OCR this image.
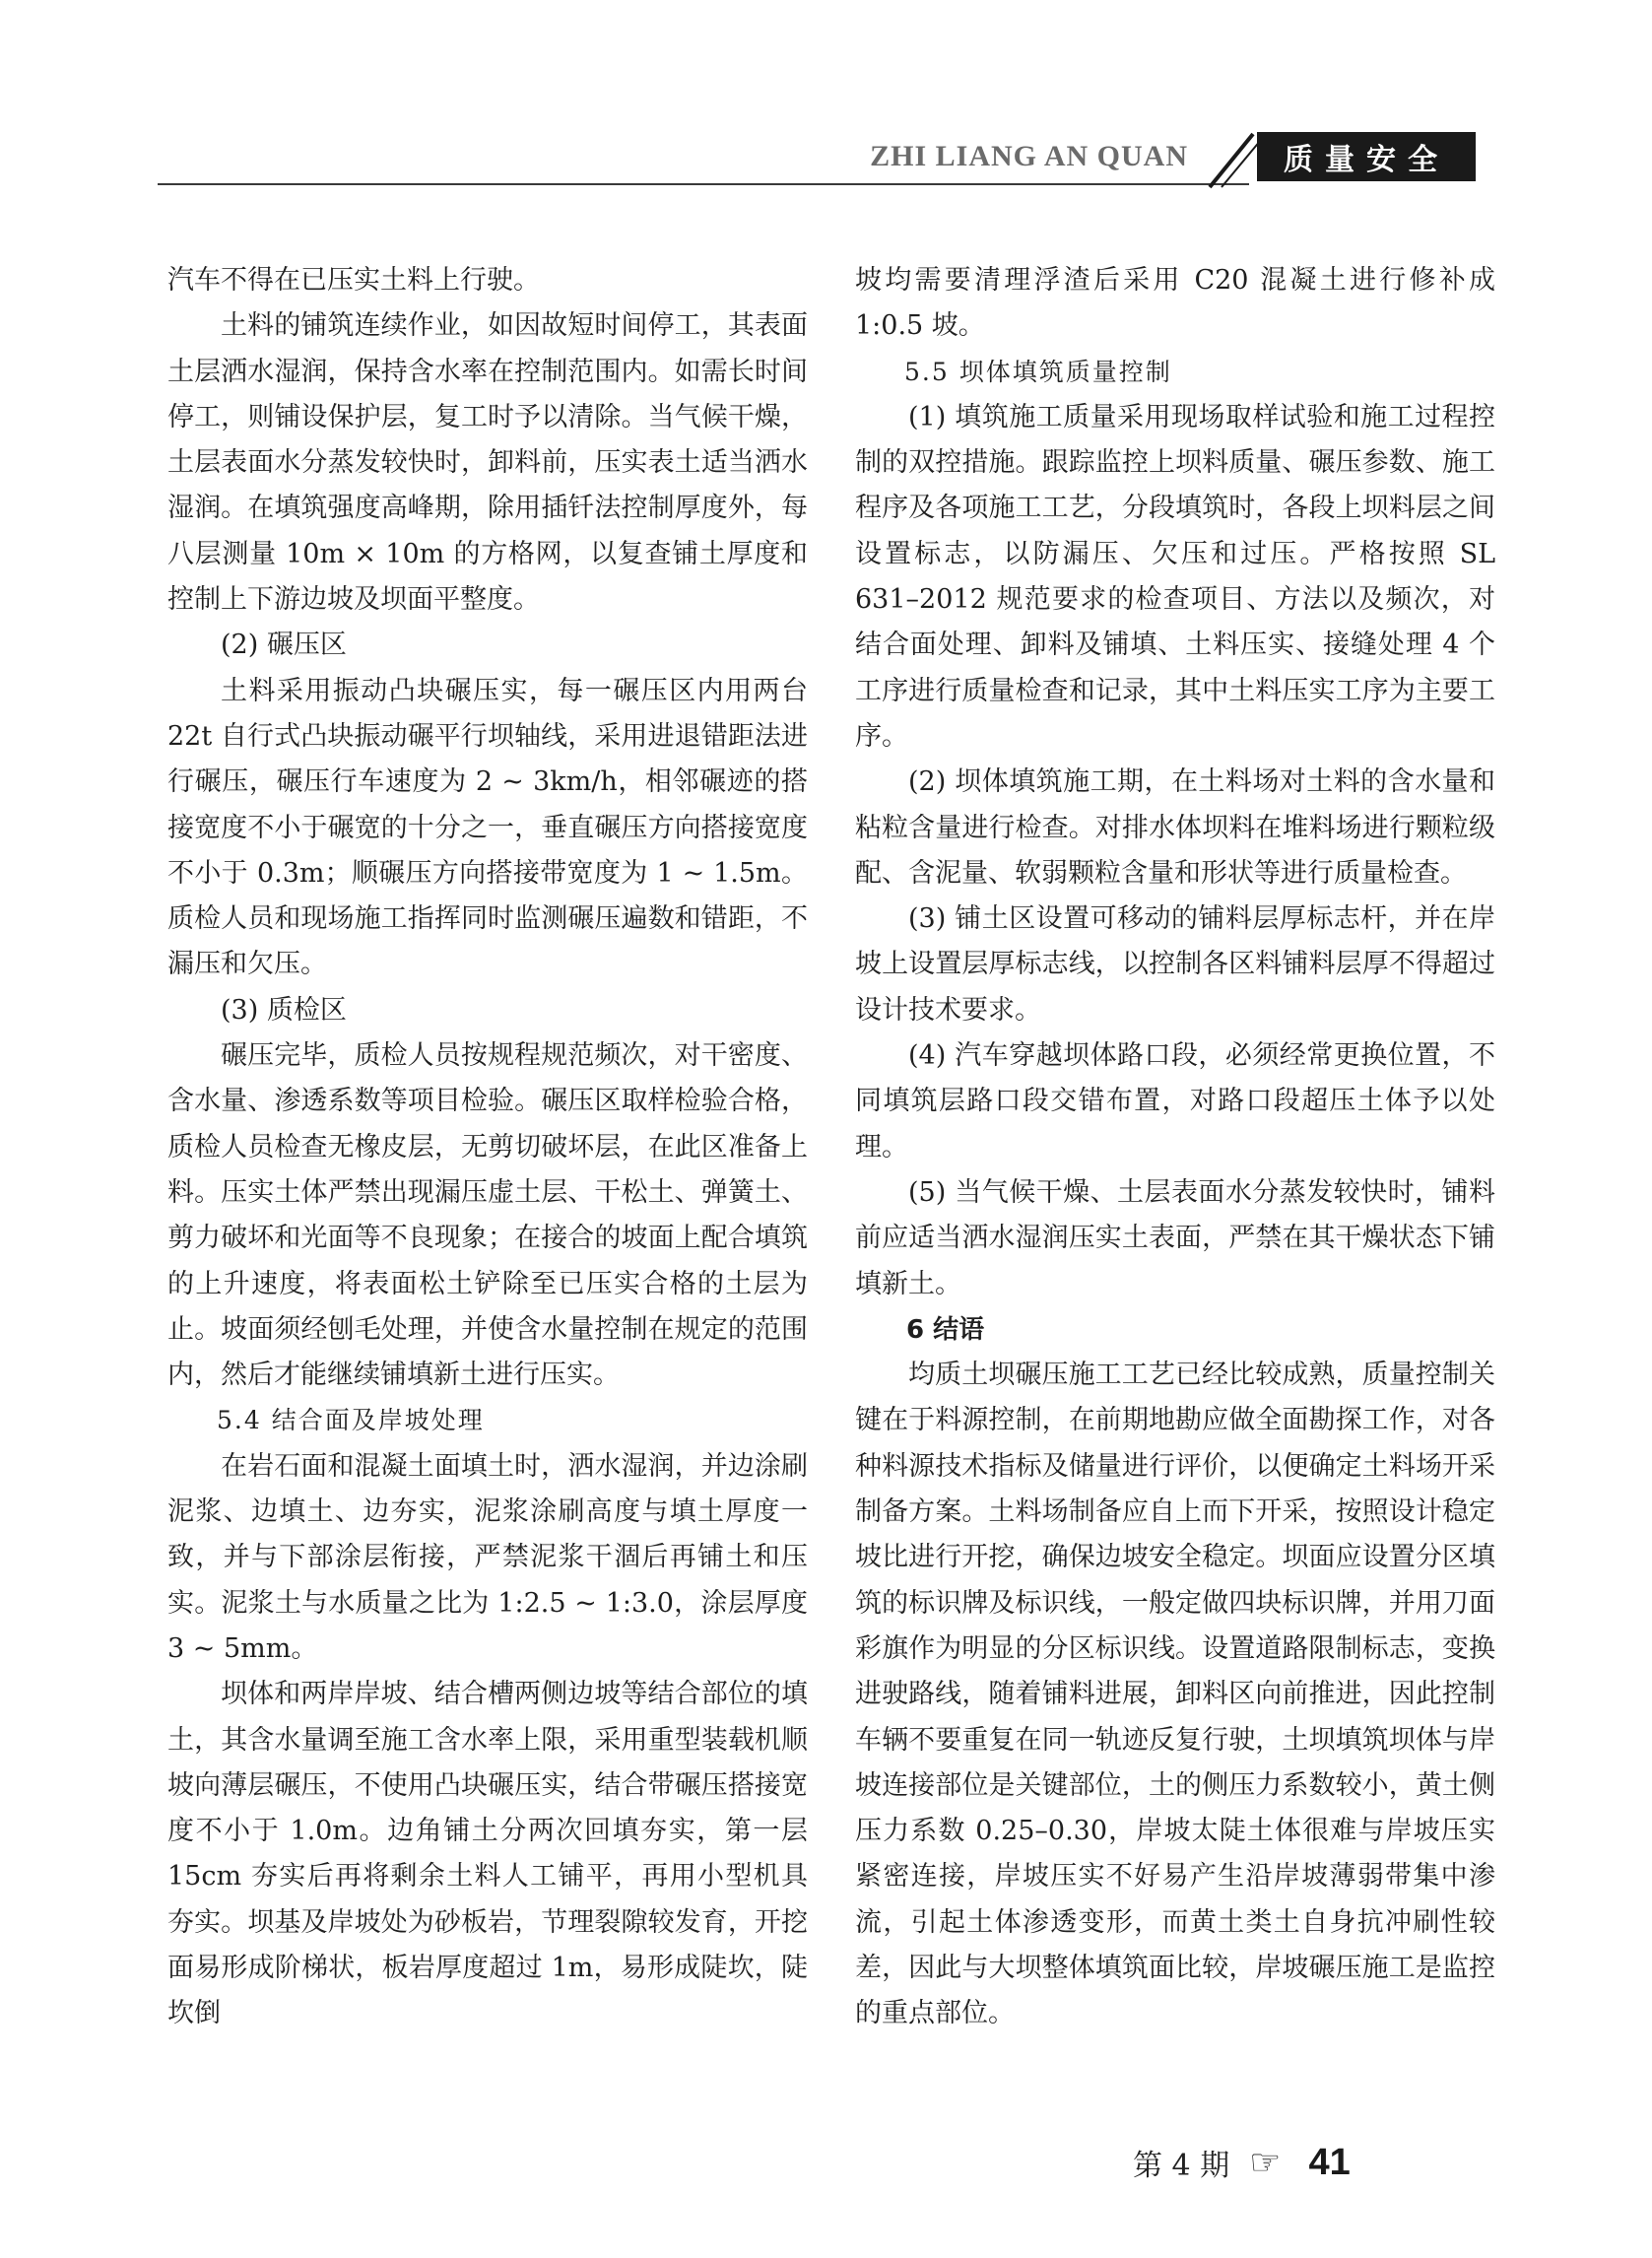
ZHI LIANG AN QUAN	质量安全

汽车不得在已压实土料上行驶。

土料的铺筑连续作业，如因故短时间停工，其表面土层洒水湿润，保持含水率在控制范围内。如需长时间停工，则铺设保护层，复工时予以清除。当气候干燥，土层表面水分蒸发较快时，卸料前，压实表土适当洒水湿润。在填筑强度高峰期，除用插钎法控制厚度外，每八层测量 10m × 10m 的方格网，以复查铺土厚度和控制上下游边坡及坝面平整度。

(2) 碾压区

土料采用振动凸块碾压实，每一碾压区内用两台 22t 自行式凸块振动碾平行坝轴线，采用进退错距法进行碾压，碾压行车速度为 2 ~ 3km/h，相邻碾迹的搭接宽度不小于碾宽的十分之一，垂直碾压方向搭接宽度不小于 0.3m；顺碾压方向搭接带宽度为 1 ~ 1.5m。质检人员和现场施工指挥同时监测碾压遍数和错距，不漏压和欠压。

(3) 质检区

碾压完毕，质检人员按规程规范频次，对干密度、含水量、渗透系数等项目检验。碾压区取样检验合格，质检人员检查无橡皮层，无剪切破坏层，在此区准备上料。压实土体严禁出现漏压虚土层、干松土、弹簧土、剪力破坏和光面等不良现象；在接合的坡面上配合填筑的上升速度，将表面松土铲除至已压实合格的土层为止。坡面须经刨毛处理，并使含水量控制在规定的范围内，然后才能继续铺填新土进行压实。

5.4 结合面及岸坡处理

在岩石面和混凝土面填土时，洒水湿润，并边涂刷泥浆、边填土、边夯实，泥浆涂刷高度与填土厚度一致，并与下部涂层衔接，严禁泥浆干涸后再铺土和压实。泥浆土与水质量之比为 1:2.5 ~ 1:3.0，涂层厚度 3 ~ 5mm。

坝体和两岸岸坡、结合槽两侧边坡等结合部位的填土，其含水量调至施工含水率上限，采用重型装载机顺坡向薄层碾压，不使用凸块碾压实，结合带碾压搭接宽度不小于 1.0m。边角铺土分两次回填夯实，第一层 15cm 夯实后再将剩余土料人工铺平，再用小型机具夯实。坝基及岸坡处为砂板岩，节理裂隙较发育，开挖面易形成阶梯状，板岩厚度超过 1m，易形成陡坎，陡坎倒

坡均需要清理浮渣后采用 C20 混凝土进行修补成 1:0.5 坡。

5.5 坝体填筑质量控制

(1) 填筑施工质量采用现场取样试验和施工过程控制的双控措施。跟踪监控上坝料质量、碾压参数、施工程序及各项施工工艺，分段填筑时，各段上坝料层之间设置标志，以防漏压、欠压和过压。严格按照 SL 631–2012 规范要求的检查项目、方法以及频次，对结合面处理、卸料及铺填、土料压实、接缝处理 4 个工序进行质量检查和记录，其中土料压实工序为主要工序。

(2) 坝体填筑施工期，在土料场对土料的含水量和粘粒含量进行检查。对排水体坝料在堆料场进行颗粒级配、含泥量、软弱颗粒含量和形状等进行质量检查。

(3) 铺土区设置可移动的铺料层厚标志杆，并在岸坡上设置层厚标志线，以控制各区料铺料层厚不得超过设计技术要求。

(4) 汽车穿越坝体路口段，必须经常更换位置，不同填筑层路口段交错布置，对路口段超压土体予以处理。

(5) 当气候干燥、土层表面水分蒸发较快时，铺料前应适当洒水湿润压实土表面，严禁在其干燥状态下铺填新土。

6 结语

均质土坝碾压施工工艺已经比较成熟，质量控制关键在于料源控制，在前期地勘应做全面勘探工作，对各种料源技术指标及储量进行评价，以便确定土料场开采制备方案。土料场制备应自上而下开采，按照设计稳定坡比进行开挖，确保边坡安全稳定。坝面应设置分区填筑的标识牌及标识线，一般定做四块标识牌，并用刀面彩旗作为明显的分区标识线。设置道路限制标志，变换进驶路线，随着铺料进展，卸料区向前推进，因此控制车辆不要重复在同一轨迹反复行驶，土坝填筑坝体与岸坡连接部位是关键部位，土的侧压力系数较小，黄土侧压力系数 0.25–0.30，岸坡太陡土体很难与岸坡压实紧密连接，岸坡压实不好易产生沿岸坡薄弱带集中渗流，引起土体渗透变形，而黄土类土自身抗冲刷性较差，因此与大坝整体填筑面比较，岸坡碾压施工是监控的重点部位。

第 4 期 ☞ 41
